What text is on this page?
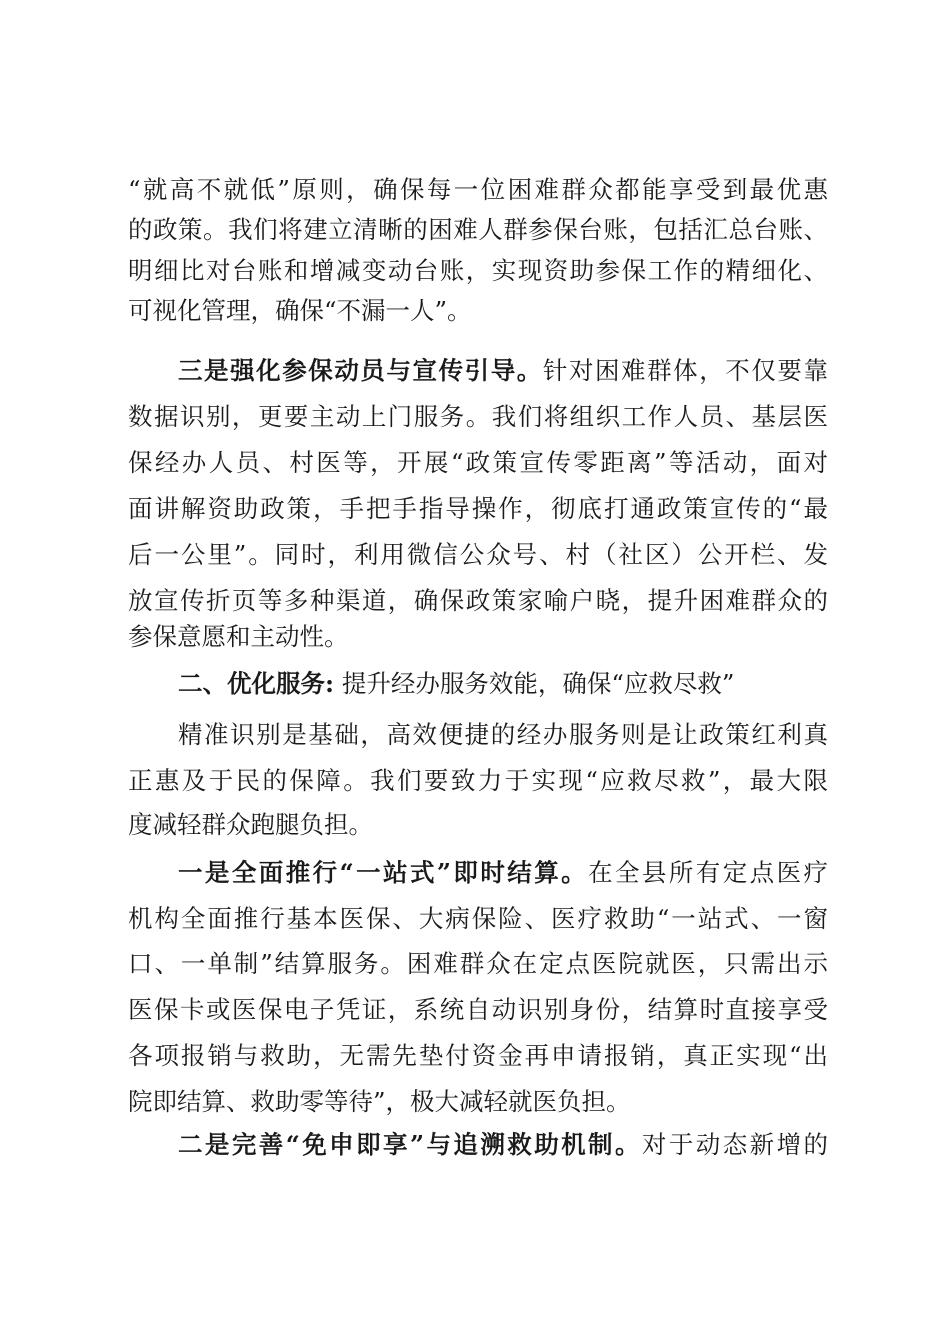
“就高不就低”原则，确保每一位困难群众都能享受到最优惠

的政策。我们将建立清晰的困难人群参保台账，包括汇总台账、

明细比对台账和增减变动台账，实现资助参保工作的精细化、

可视化管理，确保“不漏一人”。

三是强化参保动员与宣传引导。针对困难群体，不仅要靠

数据识别，更要主动上门服务。我们将组织工作人员、基层医

保经办人员、村医等，开展“政策宣传零距离”等活动，面对

面讲解资助政策，手把手指导操作，彻底打通政策宣传的“最

后一公里”。同时，利用微信公众号、村（社区）公开栏、发

放宣传折页等多种渠道，确保政策家喻户晓，提升困难群众的

参保意愿和主动性。

二、优化服务: 提升经办服务效能，确保“应救尽救”

精准识别是基础，高效便捷的经办服务则是让政策红利真

正惠及于民的保障。我们要致力于实现“应救尽救”，最大限

度减轻群众跑腿负担。

一是全面推行“一站式”即时结算。在全县所有定点医疗

机构全面推行基本医保、大病保险、医疗救助“一站式、一窗

口、一单制”结算服务。困难群众在定点医院就医，只需出示

医保卡或医保电子凭证，系统自动识别身份，结算时直接享受

各项报销与救助，无需先垫付资金再申请报销，真正实现“出

院即结算、救助零等待”，极大减轻就医负担。

二是完善“免申即享”与追溯救助机制。对于动态新增的
